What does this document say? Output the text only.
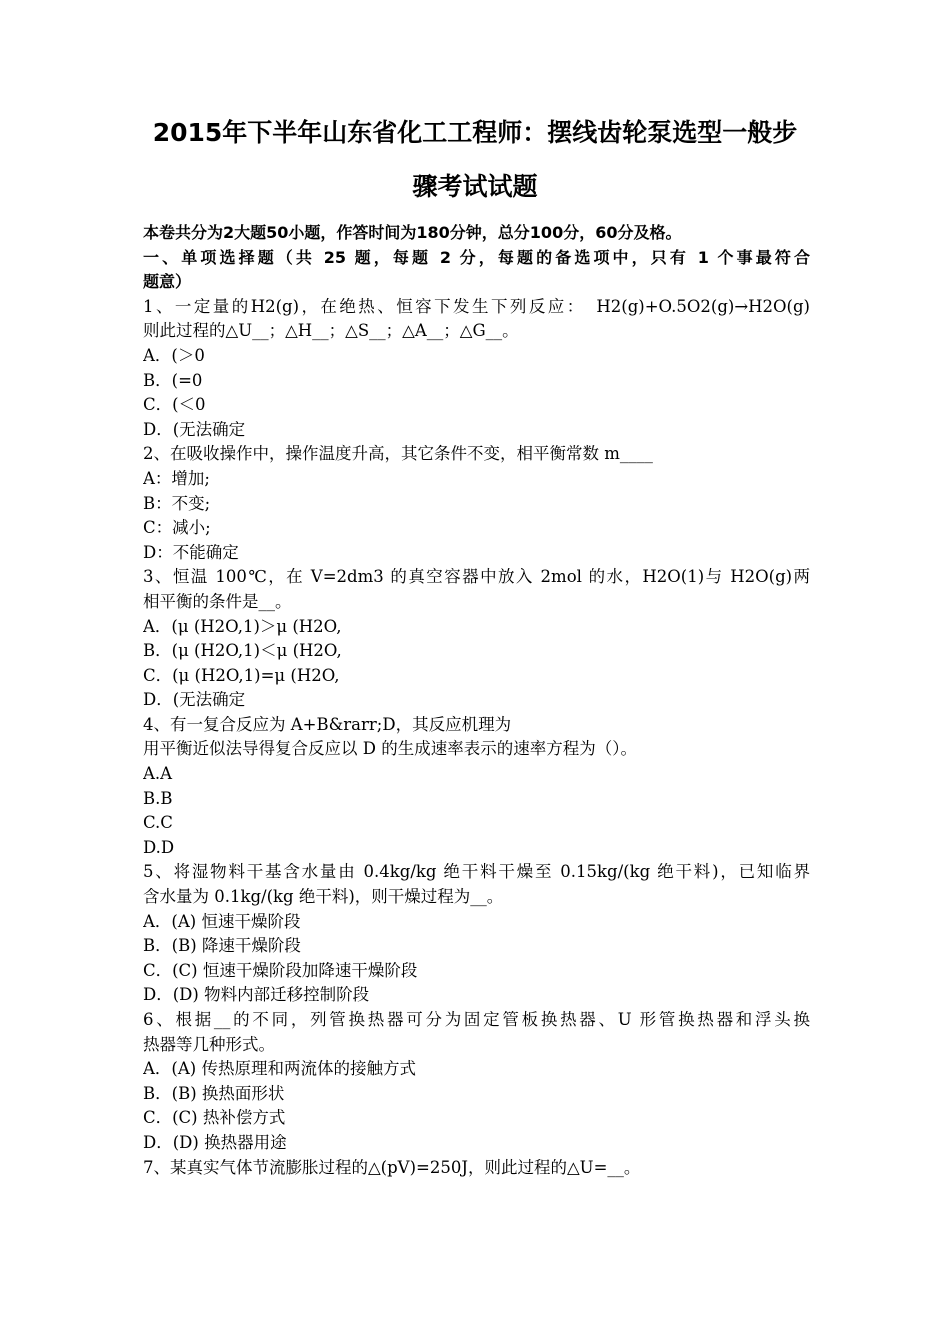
2015年下半年山东省化工工程师：摆线齿轮泵选型一般步
骤考试试题
本卷共分为2大题50小题，作答时间为180分钟，总分100分，60分及格。
一、单项选择题（共 25 题，每题 2 分，每题的备选项中，只有 1 个事最符合
题意）
1、一定量的H2(g)，在绝热、恒容下发生下列反应：　H2(g)+O.5O2(g)→H2O(g)
则此过程的△U__；△H__；△S__；△A__；△G__。
A．(＞0
B．(=0
C．(＜0
D．(无法确定
2、在吸收操作中，操作温度升高，其它条件不变，相平衡常数 m____
A：增加;
B：不变;
C：减小;
D：不能确定
3、恒温 100℃，在 V=2dm3 的真空容器中放入 2mol 的水，H2O(1)与 H2O(g)两
相平衡的条件是__。
A．(μ (H2O,1)＞μ (H2O,
B．(μ (H2O,1)＜μ (H2O,
C．(μ (H2O,1)=μ (H2O,
D．(无法确定
4、有一复合反应为 A+B&rarr;D，其反应机理为
用平衡近似法导得复合反应以 D 的生成速率表示的速率方程为（）。
A.A
B.B
C.C
D.D
5、将湿物料干基含水量由 0.4kg/kg 绝干料干燥至 0.15kg/(kg 绝干料)，已知临界
含水量为 0.1kg/(kg 绝干料)，则干燥过程为__。
A．(A) 恒速干燥阶段
B．(B) 降速干燥阶段
C．(C) 恒速干燥阶段加降速干燥阶段
D．(D) 物料内部迁移控制阶段
6、根据__的不同，列管换热器可分为固定管板换热器、U 形管换热器和浮头换
热器等几种形式。
A．(A) 传热原理和两流体的接触方式
B．(B) 换热面形状
C．(C) 热补偿方式
D．(D) 换热器用途
7、某真实气体节流膨胀过程的△(pV)=250J，则此过程的△U=__。
